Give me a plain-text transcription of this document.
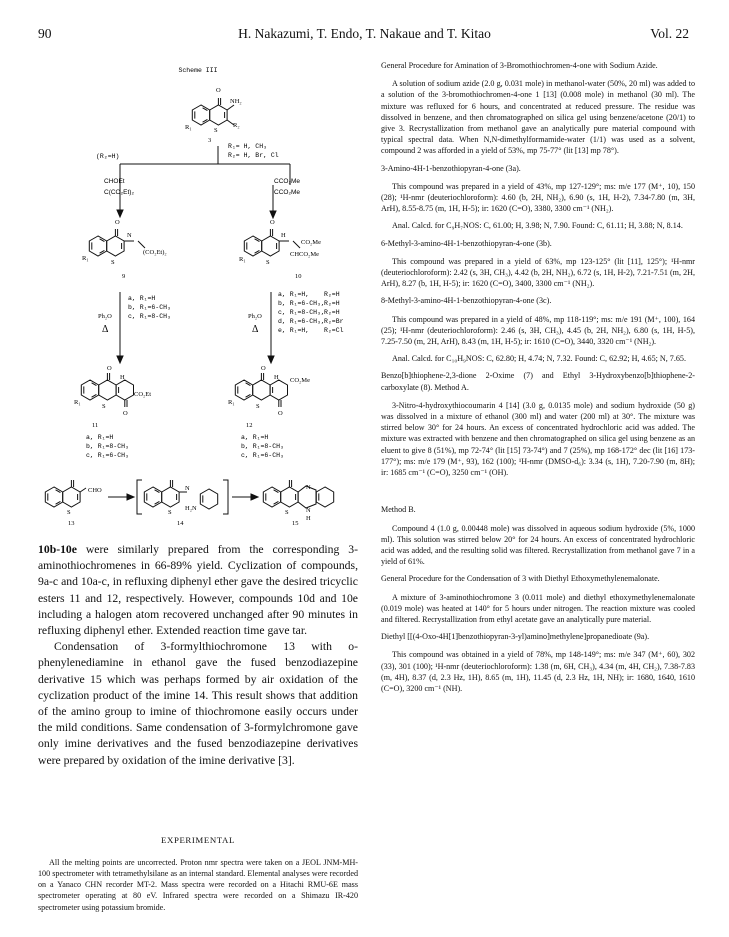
90	H. Nakazumi, T. Endo, T. Nakaue and T. Kitao	Vol. 22
Scheme III
O
NH₂
S
R₂
R₁
3
R₁= H, CH₃
R₂= H, Br, Cl
(R₂=H)
CHOEt
C(CO₂Et)₂
CCO₂Me
CCO₂Me
O
N
S
(CO₂Et)₂
R₁
9
O
H
CO₂Me
CHCO₂Me
S
R₁
10
Ph₂O
Δ
Ph₂O
Δ
a, R₁=H
b, R₁=6-CH₃
c, R₁=8-CH₃
a, R₁=H,
b, R₁=6-CH₃,
c, R₁=8-CH₃,
d, R₁=6-CH₃,
e, R₁=H,
R₂=H
R₂=H
R₂=H
R₂=Br
R₂=Cl
O
H
CO₂Et
S
O
R₁
11
O
H CO₂Me
S
O
R₁
12
a, R₁=H
b, R₁=8-CH₃
c, R₁=6-CH₃
a, R₁=H
b, R₁=8-CH₃
c, R₁=6-CH₃
CHO
S
13
N
S
H₂N
14
N
S	N
H
15

10b-10e were similarly prepared from the corresponding 3-aminothiochromenes in 66-89% yield. Cyclization of compounds, 9a-c and 10a-c, in refluxing diphenyl ether gave the desired tricyclic esters 11 and 12, respectively. However, compounds 10d and 10e including a halogen atom recovered unchanged after 90 minutes in refluxing diphenyl ether. Extended reaction time gave tar.

Condensation of 3-formylthiochromone 13 with o-phenylenediamine in ethanol gave the fused benzodiazepine derivative 15 which was perhaps formed by air oxidation of the cyclization product of the imine 14. This result shows that addition of the amino group to imine of thiochromone easily occurs under the mild conditions. Same condensation of 3-formylchromone gave only imine derivatives and the fused benzodiazepine derivatives were prepared by oxidation of the imine derivative [3].

EXPERIMENTAL
All the melting points are uncorrected. Proton nmr spectra were taken on a JEOL JNM-MH-100 spectrometer with tetramethylsilane as an internal standard. Elemental analyses were recorded on a Yanaco CHN recorder MT-2. Mass spectra were recorded on a Hitachi RMU-6E mass spectrometer operating at 80 eV. Infrared spectra were recorded on a Shimazu IR-420 spectrometer using potassium bromide.
General Procedure for Amination of 3-Bromothiochromen-4-one with Sodium Azide.
A solution of sodium azide (2.0 g, 0.031 mole) in methanol-water (50%, 20 ml) was added to a solution of the 3-bromothiochromen-4-one 1 [13] (0.008 mole) in methanol (30 ml). The mixture was refluxed for 6 hours, and concentrated at reduced pressure. The residue was dissolved in benzene, and then chromatographed on silica gel using benzene/acetone (20/1) to give 3. Recrystallization from methanol gave an analytically pure material compound with typical spectral data. When N,N-dimethylformamide-water (1/1) was used as a solvent, compound 2 was afforded in a yield of 53%, mp 75-77° (lit [13] mp 78°).
3-Amino-4H-1-benzothiopyran-4-one (3a).
This compound was prepared in a yield of 43%, mp 127-129°; ms: m/e 177 (M⁺, 10), 150 (28); ¹H-nmr (deuteriochloroform): 4.60 (b, 2H, NH₂), 6.90 (s, 1H, H-2), 7.34-7.80 (m, 3H, ArH), 8.55-8.75 (m, 1H, H-5); ir: 1620 (C=O), 3380, 3300 cm⁻¹ (NH₂).
Anal. Calcd. for C₉H₇NOS: C, 61.00; H, 3.98; N, 7.90. Found: C, 61.11; H, 3.88; N, 8.14.
6-Methyl-3-amino-4H-1-benzothiopyran-4-one (3b).
This compound was prepared in a yield of 63%, mp 123-125° (lit [11], 125°); ¹H-nmr (deuteriochloroform): 2.42 (s, 3H, CH₃), 4.42 (b, 2H, NH₂), 6.72 (s, 1H, H-2), 7.21-7.51 (m, 2H, ArH), 8.27 (b, 1H, H-5); ir: 1620 (C=O), 3400, 3300 cm⁻¹ (NH₂).
8-Methyl-3-amino-4H-1-benzothiopyran-4-one (3c).
This compound was prepared in a yield of 48%, mp 118-119°; ms: m/e 191 (M⁺, 100), 164 (25); ¹H-nmr (deuteriochloroform): 2.46 (s, 3H, CH₃), 4.45 (b, 2H, NH₂), 6.80 (s, 1H, H-5), 7.25-7.50 (m, 2H, ArH), 8.43 (m, 1H, H-5); ir: 1610 (C=O), 3440, 3320 cm⁻¹ (NH₂).
Anal. Calcd. for C₁₀H₉NOS: C, 62.80; H, 4.74; N, 7.32. Found: C, 62.92; H, 4.65; N, 7.65.
Benzo[b]thiophene-2,3-dione 2-Oxime (7) and Ethyl 3-Hydroxybenzo[b]thiophene-2-carboxylate (8). Method A.
3-Nitro-4-hydroxythiocoumarin 4 [14] (3.0 g, 0.0135 mole) and sodium hydroxide (50 g) was dissolved in a mixture of ethanol (300 ml) and water (200 ml) at 30°. The mixture was stirred below 30° for 24 hours. An excess of concentrated hydrochloric acid was added. The mixture was extracted with benzene and then chromatographed on silica gel using benzene as an eluent to give 8 (51%), mp 72-74° (lit [15] 73-74°) and 7 (25%), mp 168-172° dec (lit [16] 173-177°); ms: m/e 179 (M⁺, 93), 162 (100); ¹H-nmr (DMSO-d₆): 3.34 (s, 1H), 7.20-7.90 (m, 8H); ir: 1685 cm⁻¹ (C=O), 3250 cm⁻¹ (OH).
Method B.
Compound 4 (1.0 g, 0.00448 mole) was dissolved in aqueous sodium hydroxide (5%, 1000 ml). This solution was stirred below 20° for 24 hours. An excess of concentrated hydrochloric acid was added, and the resulting solid was filtered. Recrystallization from methanol gave 7 in a yield of 61%.
General Procedure for the Condensation of 3 with Diethyl Ethoxymethylenemalonate.
A mixture of 3-aminothiochromone 3 (0.011 mole) and diethyl ethoxymethylenemalonate (0.019 mole) was heated at 140° for 5 hours under nitrogen. The reaction mixture was cooled and filtered. Recrystallization from ethyl acetate gave an analytically pure material.
Diethyl [[(4-Oxo-4H[1]benzothiopyran-3-yl)amino]methylene]propanedioate (9a).
This compound was obtained in a yield of 78%, mp 148-149°; ms: m/e 347 (M⁺, 60), 302 (33), 301 (100); ¹H-nmr (deuteriochloroform): 1.38 (m, 6H, CH₃), 4.34 (m, 4H, CH₂), 7.38-7.83 (m, 4H), 8.37 (d, 2.3 Hz, 1H), 8.65 (m, 1H), 11.45 (d, 2.3 Hz, 1H, NH); ir: 1680, 1640, 1610 (C=O), 3200 cm⁻¹ (NH).
